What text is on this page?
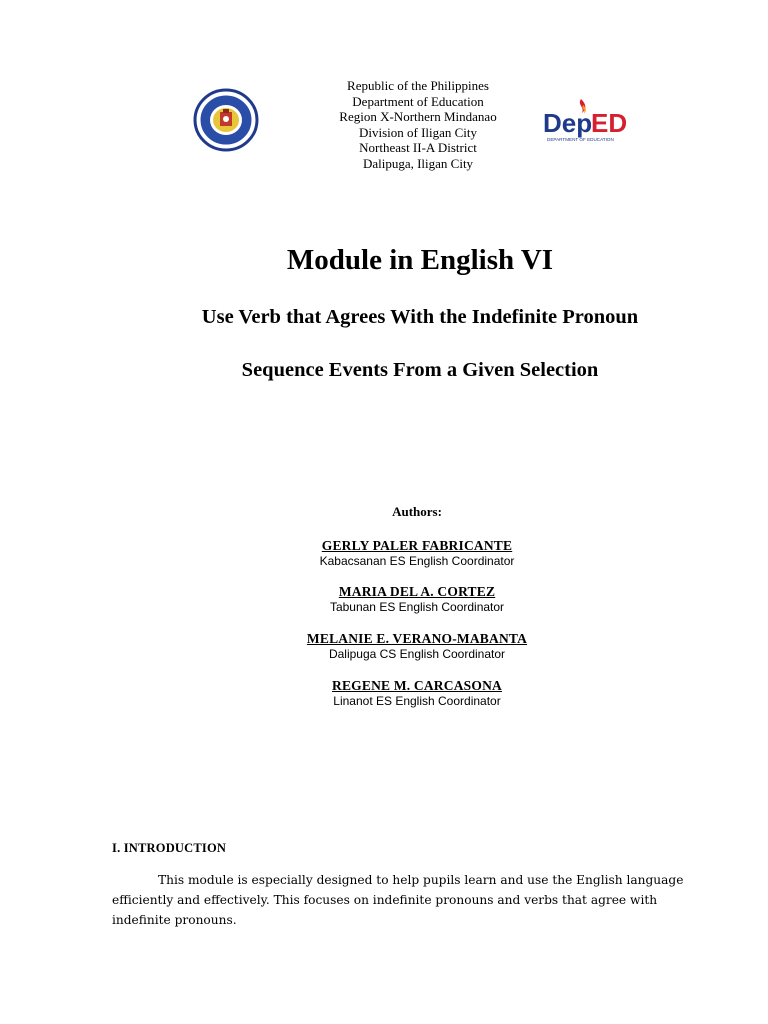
Republic of the Philippines
Department of Education
Region X-Northern Mindanao
Division of Iligan City
Northeast II-A District
Dalipuga, Iligan City
Dep
ED
DEPARTMENT OF EDUCATION
Module in English VI
Use Verb that Agrees With the Indefinite Pronoun
Sequence Events From a Given Selection
Authors:
GERLY PALER FABRICANTE
Kabacsanan ES English Coordinator
MARIA DEL A. CORTEZ
Tabunan ES English Coordinator
MELANIE E. VERANO-MABANTA
Dalipuga CS English Coordinator
REGENE M. CARCASONA
Linanot ES English Coordinator
I. INTRODUCTION
This module is especially designed to help pupils learn and use the English language
efficiently and effectively. This focuses on indefinite pronouns and verbs that agree with
indefinite pronouns.
